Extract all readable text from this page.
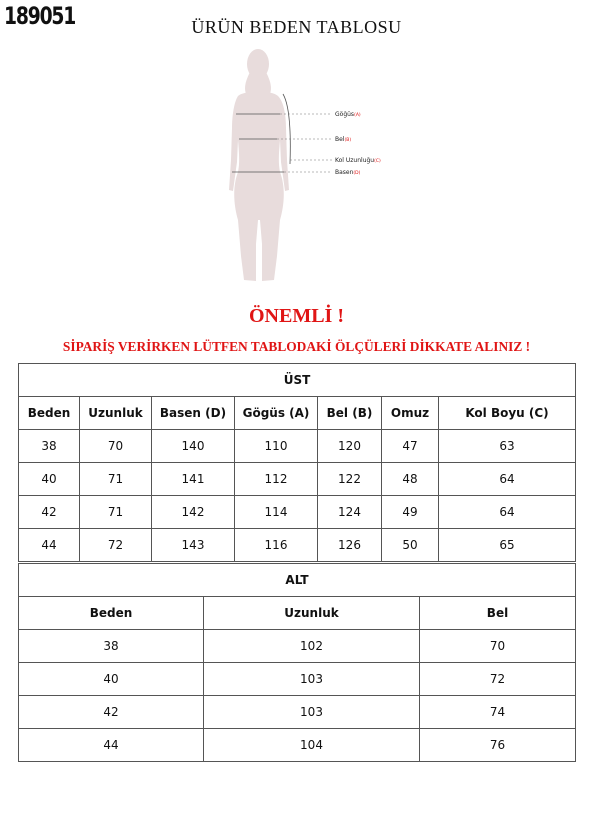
189051	ÜRÜN BEDEN TABLOSU
Göğüs(A)
Bel(B)
Kol Uzunluğu(C)
Basen(D)
ÖNEMLİ !
SİPARİŞ VERİRKEN LÜTFEN TABLODAKİ ÖLÇÜLERİ DİKKATE ALINIZ !
ÜST						
Beden	Uzunluk	Basen (D)	Gögüs (A)	Bel (B)	Omuz	Kol Boyu (C)
38	70	140	110	120	47	63
40	71	141	112	122	48	64
42	71	142	114	124	49	64
44	72	143	116	126	50	65
ALT		
Beden	Uzunluk	Bel
38	102	70
40	103	72
42	103	74
44	104	76
